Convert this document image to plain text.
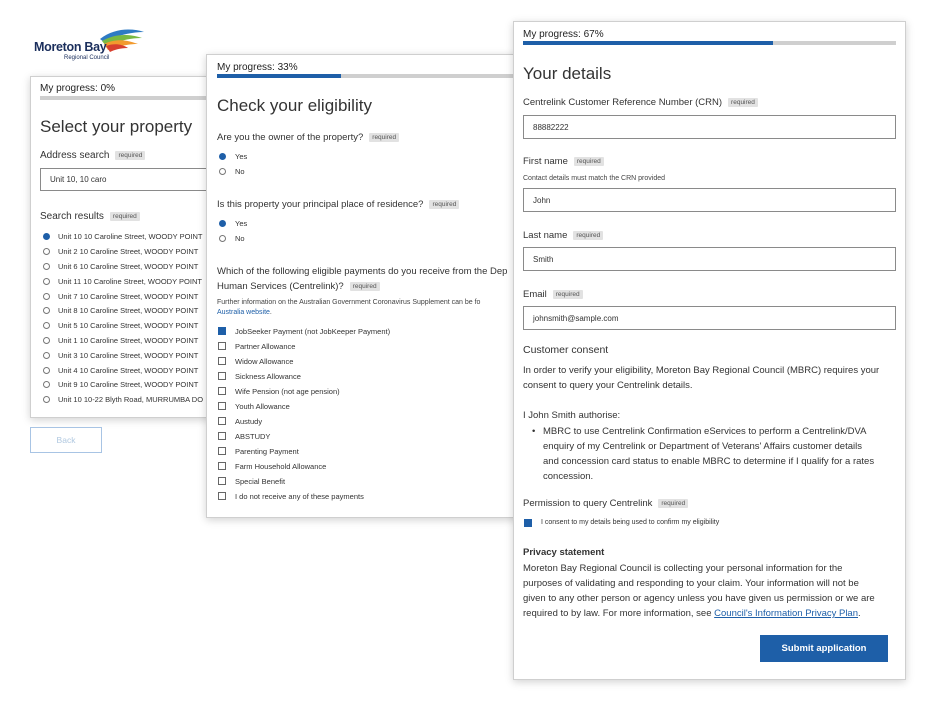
Moreton Bay
Regional Council
My progress: 0%
Select your property
Address search required
Unit 10, 10 caro
Search results required
Unit 10 10 Caroline Street, WOODY POINT
Unit 2 10 Caroline Street, WOODY POINT
Unit 6 10 Caroline Street, WOODY POINT
Unit 11 10 Caroline Street, WOODY POINT
Unit 7 10 Caroline Street, WOODY POINT
Unit 8 10 Caroline Street, WOODY POINT
Unit 5 10 Caroline Street, WOODY POINT
Unit 1 10 Caroline Street, WOODY POINT
Unit 3 10 Caroline Street, WOODY POINT
Unit 4 10 Caroline Street, WOODY POINT
Unit 9 10 Caroline Street, WOODY POINT
Unit 10 10-22 Blyth Road, MURRUMBA DO
Back
My progress: 33%
Check your eligibility
Are you the owner of the property? required
Yes
No
Is this property your principal place of residence? required
Yes
No
Which of the following eligible payments do you receive from the Dep
Human Services (Centrelink)? required
Further information on the Australian Government Coronavirus Supplement can be fo
Australia website.
JobSeeker Payment (not JobKeeper Payment)
Partner Allowance
Widow Allowance
Sickness Allowance
Wife Pension (not age pension)
Youth Allowance
Austudy
ABSTUDY
Parenting Payment
Farm Household Allowance
Special Benefit
I do not receive any of these payments
My progress: 67%
Your details
Centrelink Customer Reference Number (CRN) required
88882222
First name required
Contact details must match the CRN provided
John
Last name required
Smith
Email required
johnsmith@sample.com
Customer consent
In order to verify your eligibility, Moreton Bay Regional Council (MBRC) requires your
consent to query your Centrelink details.
I John Smith authorise:
• MBRC to use Centrelink Confirmation eServices to perform a Centrelink/DVA
enquiry of my Centrelink or Department of Veterans' Affairs customer details
and concession card status to enable MBRC to determine if I qualify for a rates
concession.
Permission to query Centrelink required
I consent to my details being used to confirm my eligibility
Privacy statement
Moreton Bay Regional Council is collecting your personal information for the
purposes of validating and responding to your claim. Your information will not be
given to any other person or agency unless you have given us permission or we are
required to by law. For more information, see Council's Information Privacy Plan.
Submit application
